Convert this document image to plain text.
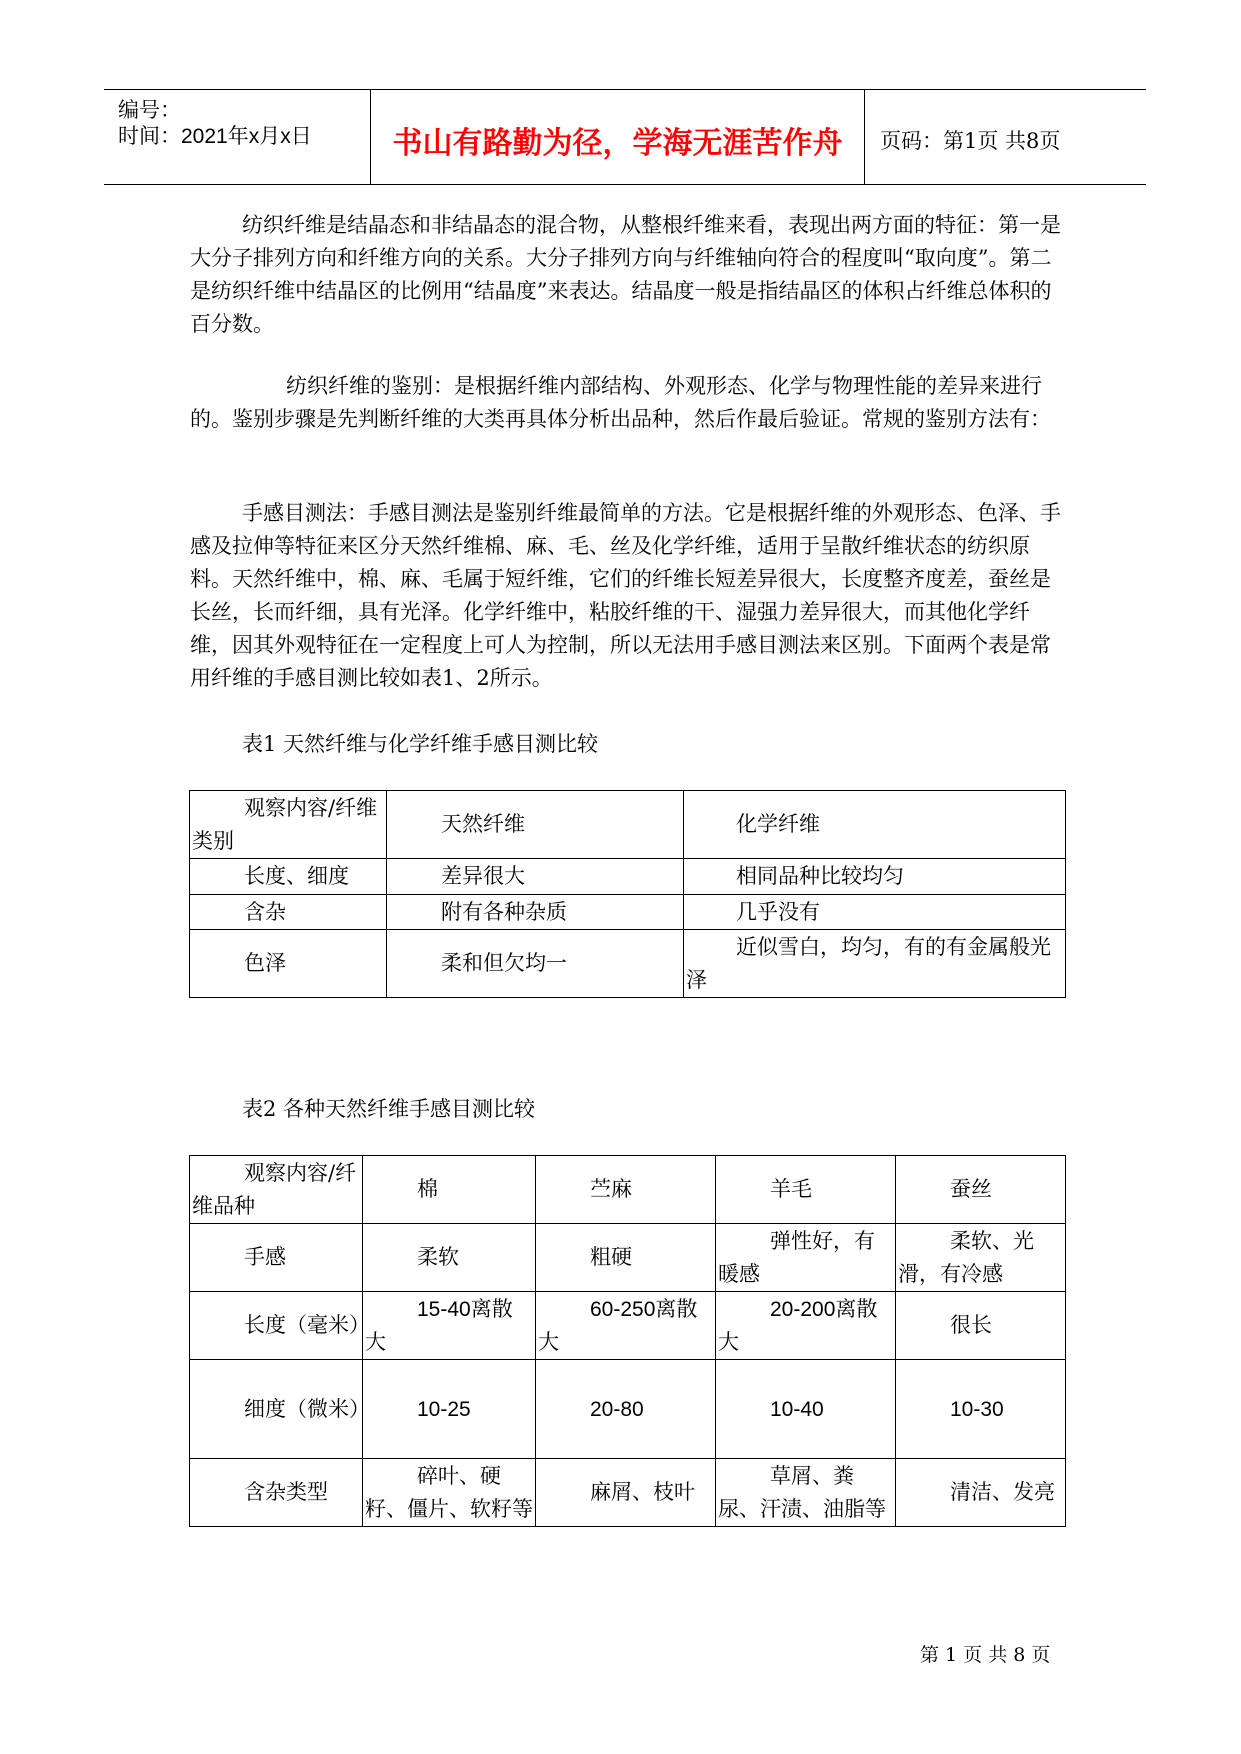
编号：
时间：2021年x月x日	书山有路勤为径，学海无涯苦作舟	页码：第1页 共8页

纺织纤维是结晶态和非结晶态的混合物，从整根纤维来看，表现出两方面的特征：第一是大分子排列方向和纤维方向的关系。大分子排列方向与纤维轴向符合的程度叫“取向度”。第二是纺织纤维中结晶区的比例用“结晶度”来表达。结晶度一般是指结晶区的体积占纤维总体积的百分数。

纺织纤维的鉴别：是根据纤维内部结构、外观形态、化学与物理性能的差异来进行的。鉴别步骤是先判断纤维的大类再具体分析出品种，然后作最后验证。常规的鉴别方法有：

手感目测法：手感目测法是鉴别纤维最简单的方法。它是根据纤维的外观形态、色泽、手感及拉伸等特征来区分天然纤维棉、麻、毛、丝及化学纤维，适用于呈散纤维状态的纺织原料。天然纤维中，棉、麻、毛属于短纤维，它们的纤维长短差异很大，长度整齐度差，蚕丝是长丝，长而纤细，具有光泽。化学纤维中，粘胶纤维的干、湿强力差异很大，而其他化学纤维，因其外观特征在一定程度上可人为控制，所以无法用手感目测法来区别。下面两个表是常用纤维的手感目测比较如表1、2所示。

表1 天然纤维与化学纤维手感目测比较
观察内容/纤维类别	天然纤维	化学纤维
长度、细度	差异很大	相同品种比较均匀
含杂	附有各种杂质	几乎没有
色泽	柔和但欠均一	近似雪白，均匀，有的有金属般光泽
表2 各种天然纤维手感目测比较
观察内容/纤维品种	棉	苎麻	羊毛	蚕丝
手感	柔软	粗硬	弹性好，有暖感	柔软、光滑，有冷感
长度（毫米）	15-40离散大	60-250离散大	20-200离散大	很长
细度（微米）	10-25	20-80	10-40	10-30
含杂类型	碎叶、硬籽、僵片、软籽等	麻屑、枝叶	草屑、粪尿、汗渍、油脂等	清洁、发亮
第 1 页 共 8 页
